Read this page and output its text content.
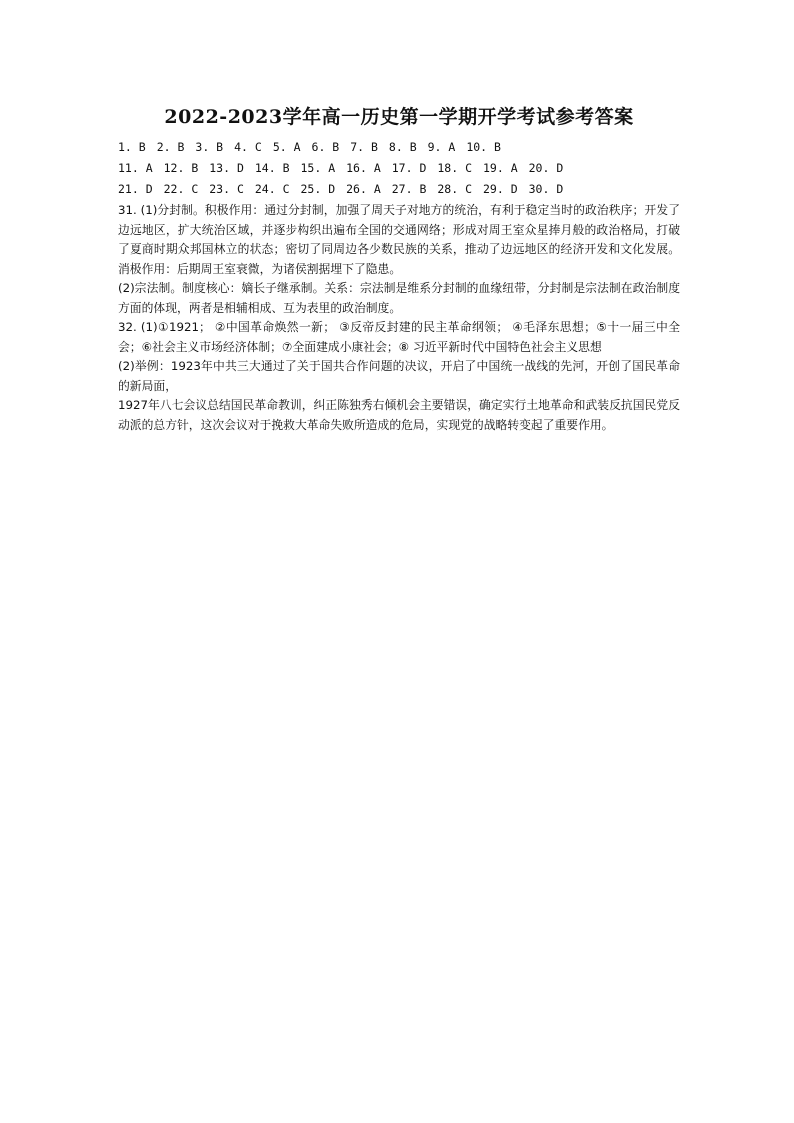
2022-2023学年高一历史第一学期开学考试参考答案
1. B 2. B 3. B 4. C 5. A 6. B 7. B 8. B 9. A 10. B
11. A 12. B 13. D 14. B 15. A 16. A 17. D 18. C 19. A 20. D
21. D 22. C 23. C 24. C 25. D 26. A 27. B 28. C 29. D 30. D

31. (1)分封制。积极作用：通过分封制，加强了周天子对地方的统治，有利于稳定当时的政治秩序；开发了边远地区，扩大统治区域，并逐步构织出遍布全国的交通网络；形成对周王室众星捧月般的政治格局，打破了夏商时期众邦国林立的状态；密切了同周边各少数民族的关系，推动了边远地区的经济开发和文化发展。消极作用：后期周王室衰微，为诸侯割据埋下了隐患。

(2)宗法制。制度核心：嫡长子继承制。关系：宗法制是维系分封制的血缘纽带，分封制是宗法制在政治制度方面的体现，两者是相辅相成、互为表里的政治制度。

32. (1)①1921； ②中国革命焕然一新； ③反帝反封建的民主革命纲领； ④毛泽东思想；⑤十一届三中全会；⑥社会主义市场经济体制；⑦全面建成小康社会；⑧ 习近平新时代中国特色社会主义思想

(2)举例：1923年中共三大通过了关于国共合作问题的决议，开启了中国统一战线的先河，开创了国民革命的新局面，

1927年八七会议总结国民革命教训，纠正陈独秀右倾机会主要错误，确定实行土地革命和武装反抗国民党反动派的总方针，这次会议对于挽救大革命失败所造成的危局，实现党的战略转变起了重要作用。
